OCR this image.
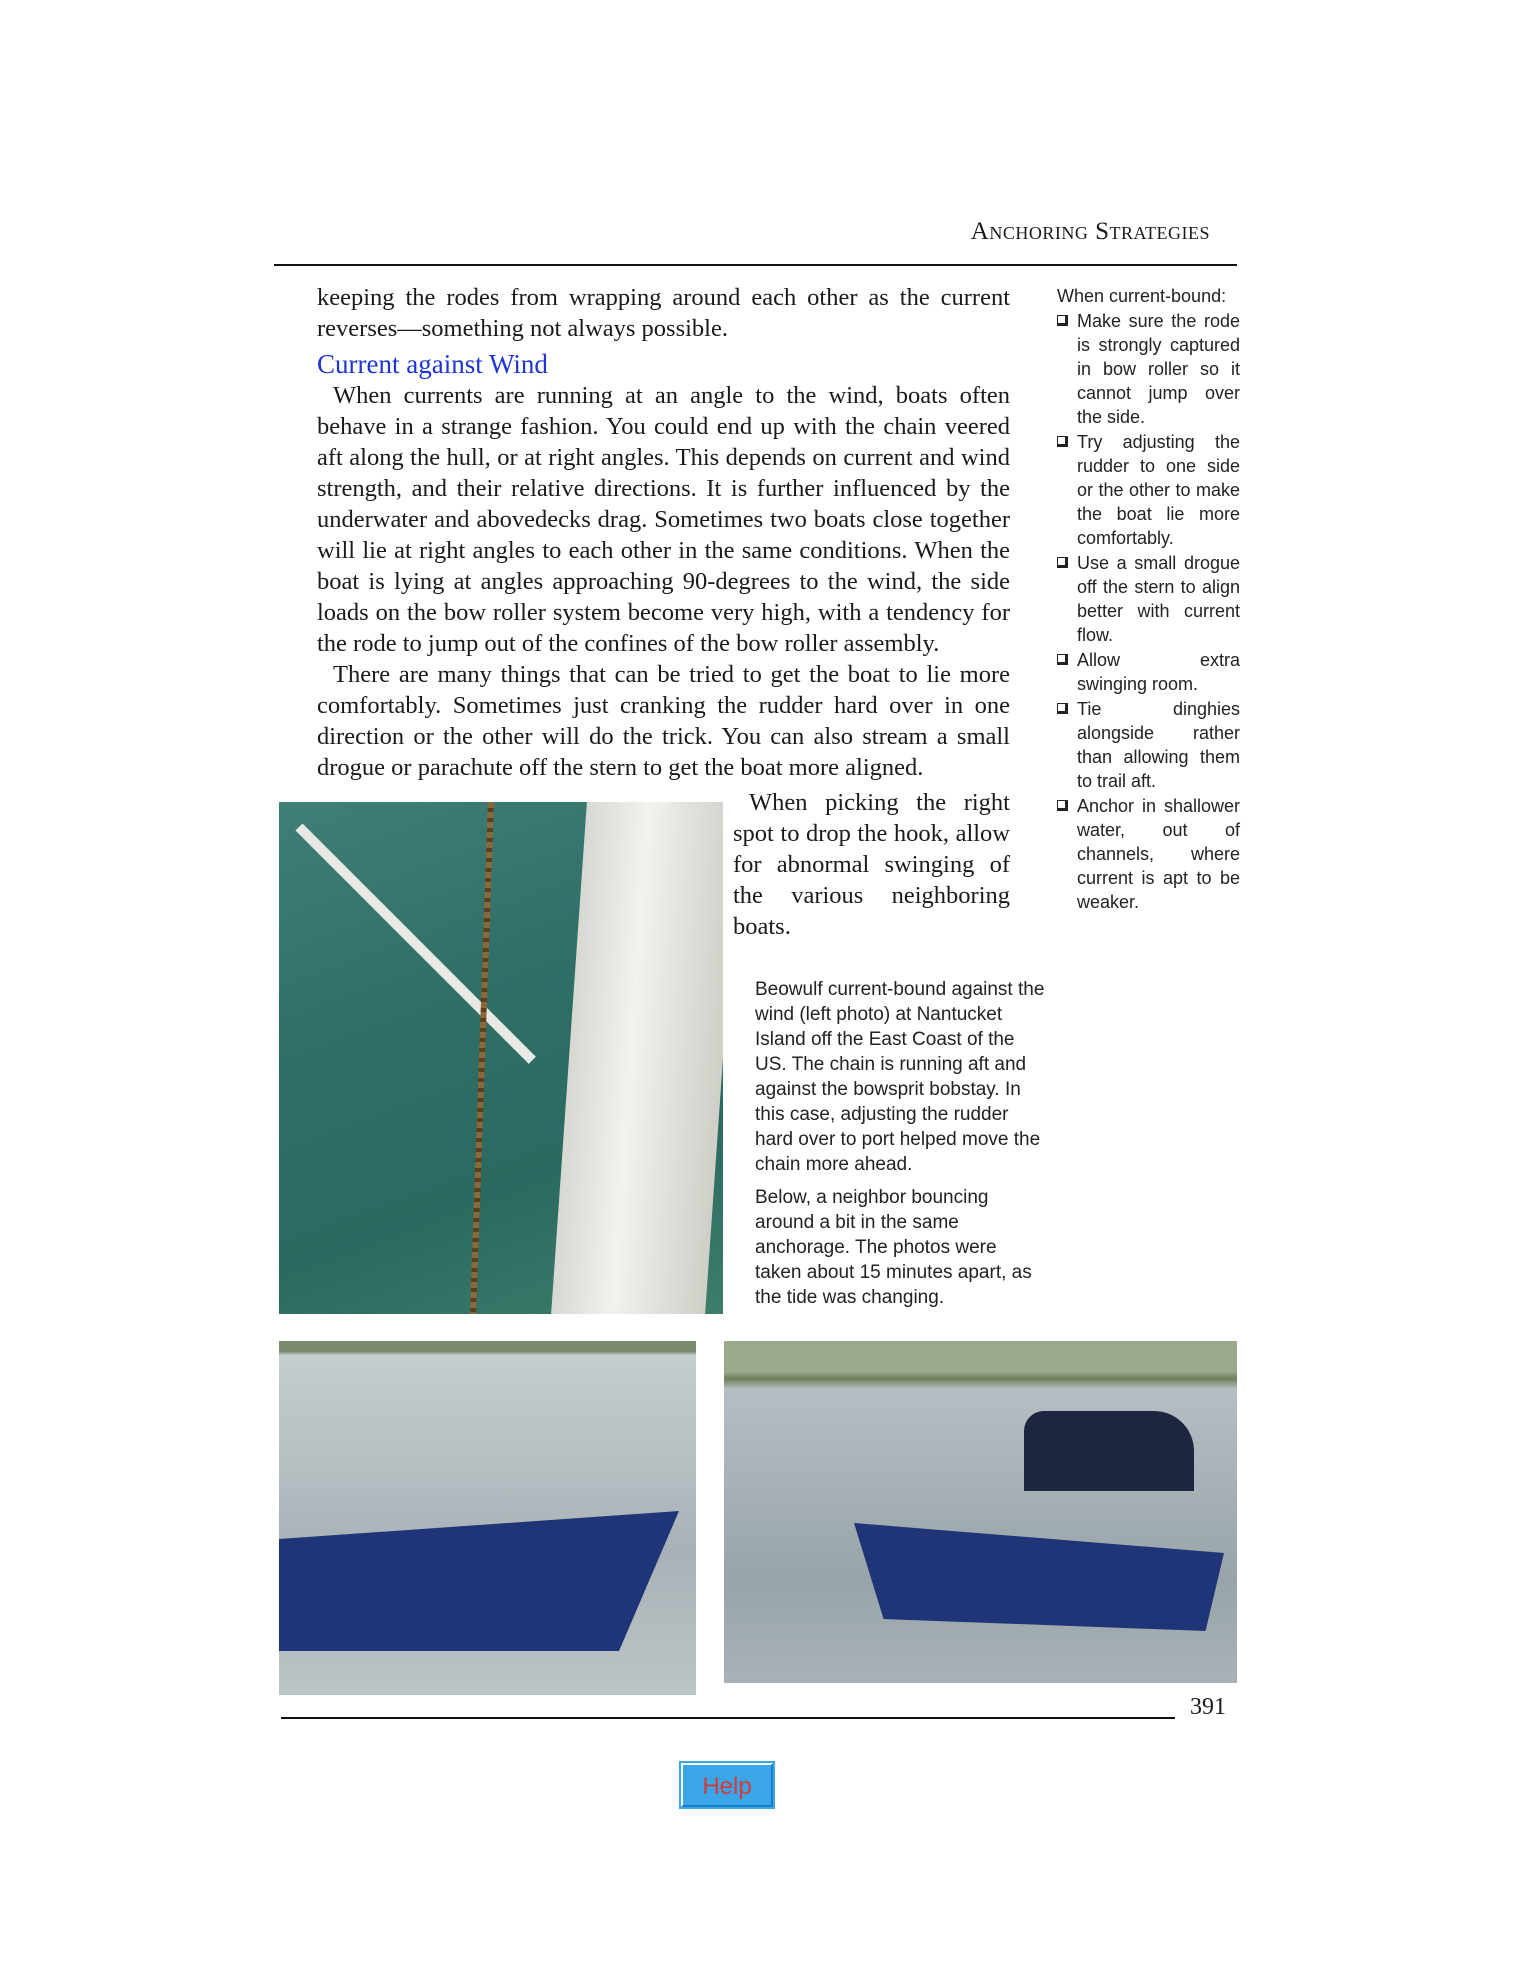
Anchoring Strategies

keeping the rodes from wrapping around each other as the current reverses—something not always possible.

Current against Wind

When currents are running at an angle to the wind, boats often behave in a strange fashion. You could end up with the chain veered aft along the hull, or at right angles. This depends on current and wind strength, and their relative directions. It is further influenced by the underwater and abovedecks drag. Sometimes two boats close together will lie at right angles to each other in the same conditions. When the boat is lying at angles approaching 90-degrees to the wind, the side loads on the bow roller system become very high, with a tendency for the rode to jump out of the confines of the bow roller assembly.

There are many things that can be tried to get the boat to lie more comfortably. Sometimes just cranking the rudder hard over in one direction or the other will do the trick. You can also stream a small drogue or parachute off the stern to get the boat more aligned.

When picking the right spot to drop the hook, allow for abnormal swinging of the various neighboring boats.
When current-bound:
Make sure the rode is strongly captured in bow roller so it cannot jump over the side.
Try adjusting the rudder to one side or the other to make the boat lie more comfortably.
Use a small drogue off the stern to align better with current flow.
Allow extra swinging room.
Tie dinghies alongside rather than allowing them to trail aft.
Anchor in shallower water, out of channels, where current is apt to be weaker.

Beowulf current-bound against the wind (left photo) at Nantucket Island off the East Coast of the US. The chain is running aft and against the bowsprit bobstay. In this case, adjusting the rudder hard over to port helped move the chain more ahead.

Below, a neighbor bouncing around a bit in the same anchorage. The photos were taken about 15 minutes apart, as the tide was changing.

391
Help
